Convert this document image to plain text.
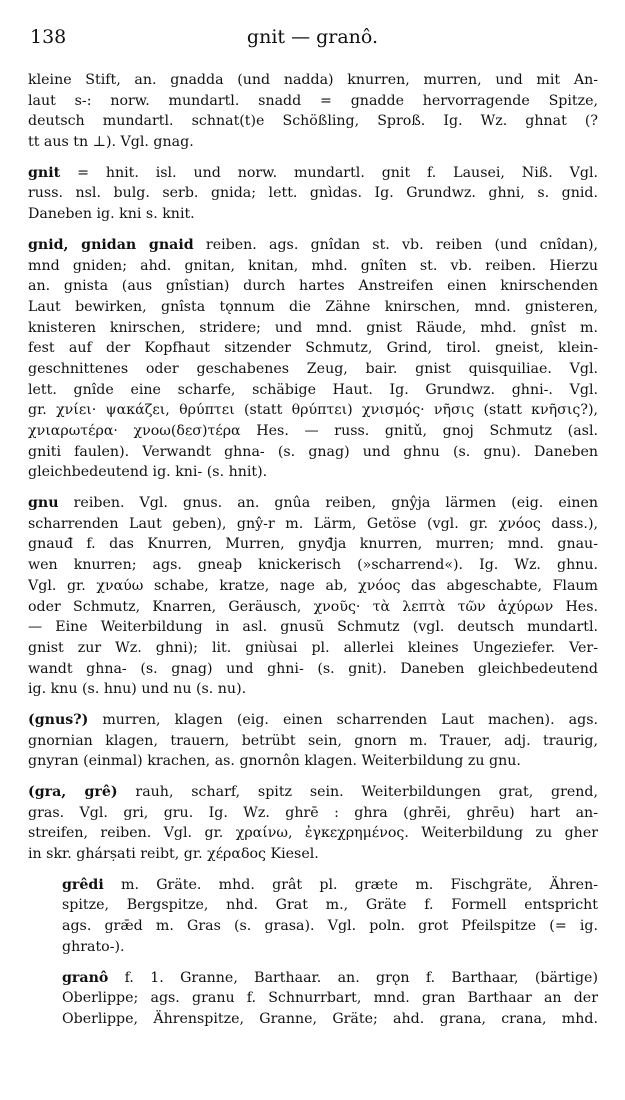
138	gnit — granô.
kleine Stift, an. gnadda (und nadda) knurren, murren, und mit An-
laut s-: norw. mundartl. snadd = gnadde hervorragende Spitze,
deutsch mundartl. schnat(t)e Schößling, Sproß. Ig. Wz. ghnat (?
tt aus tn ⊥). Vgl. gnag.
gnit = hnit. isl. und norw. mundartl. gnit f. Lausei, Niß. Vgl.
russ. nsl. bulg. serb. gnida; lett. gnìdas. Ig. Grundwz. ghni, s. gnid.
Daneben ig. kni s. knit.
gnid, gnidan gnaid reiben. ags. gnîdan st. vb. reiben (und cnîdan),
mnd gniden; ahd. gnitan, knitan, mhd. gnîten st. vb. reiben. Hierzu
an. gnista (aus gnîstian) durch hartes Anstreifen einen knirschenden
Laut bewirken, gnîsta tǫnnum die Zähne knirschen, mnd. gnisteren,
knisteren knirschen, stridere; und mnd. gnist Räude, mhd. gnîst m.
fest auf der Kopfhaut sitzender Schmutz, Grind, tirol. gneist, klein-
geschnittenes oder geschabenes Zeug, bair. gnist quisquiliae. Vgl.
lett. gnîde eine scharfe, schäbige Haut. Ig. Grundwz. ghni-. Vgl.
gr. χνίει· ψακάζει, θρύπτει (statt θρύπτει) χνισμός· νῆσις (statt κνῆσις?),
χνιαρωτέρα· χνοω(δεσ)τέρα Hes. — russ. gnitǔ, gnoj Schmutz (asl.
gniti faulen). Verwandt ghna- (s. gnag) und ghnu (s. gnu). Daneben
gleichbedeutend ig. kni- (s. hnit).
gnu reiben. Vgl. gnus. an. gnûa reiben, gnŷja lärmen (eig. einen
scharrenden Laut geben), gnŷ-r m. Lärm, Getöse (vgl. gr. χνόος dass.),
gnauđ f. das Knurren, Murren, gnyđja knurren, murren; mnd. gnau-
wen knurren; ags. gneaþ knickerisch (»scharrend«). Ig. Wz. ghnu.
Vgl. gr. χναύω schabe, kratze, nage ab, χνόος das abgeschabte, Flaum
oder Schmutz, Knarren, Geräusch, χνοῦς· τὰ λεπτὰ τῶν ἀχύρων Hes.
— Eine Weiterbildung in asl. gnusŭ Schmutz (vgl. deutsch mundartl.
gnist zur Wz. ghni); lit. gniùsai pl. allerlei kleines Ungeziefer. Ver-
wandt ghna- (s. gnag) und ghni- (s. gnit). Daneben gleichbedeutend
ig. knu (s. hnu) und nu (s. nu).
(gnus?) murren, klagen (eig. einen scharrenden Laut machen). ags.
gnornian klagen, trauern, betrübt sein, gnorn m. Trauer, adj. traurig,
gnyran (einmal) krachen, as. gnornôn klagen. Weiterbildung zu gnu.
(gra, grê) rauh, scharf, spitz sein. Weiterbildungen grat, grend,
gras. Vgl. gri, gru. Ig. Wz. ghrē : ghra (ghrēi, ghrēu) hart an-
streifen, reiben. Vgl. gr. χραίνω, ἐγκεχρημένος. Weiterbildung zu gher
in skr. ghárṣati reibt, gr. χέραδος Kiesel.
grêdi m. Gräte. mhd. grât pl. græte m. Fischgräte, Ähren-
spitze, Bergspitze, nhd. Grat m., Gräte f. Formell entspricht
ags. grǣd m. Gras (s. grasa). Vgl. poln. grot Pfeilspitze (= ig.
ghrato-).
granô f. 1. Granne, Barthaar. an. grǫn f. Barthaar, (bärtige)
Oberlippe; ags. granu f. Schnurrbart, mnd. gran Barthaar an der
Oberlippe, Ährenspitze, Granne, Gräte; ahd. grana, crana, mhd.
